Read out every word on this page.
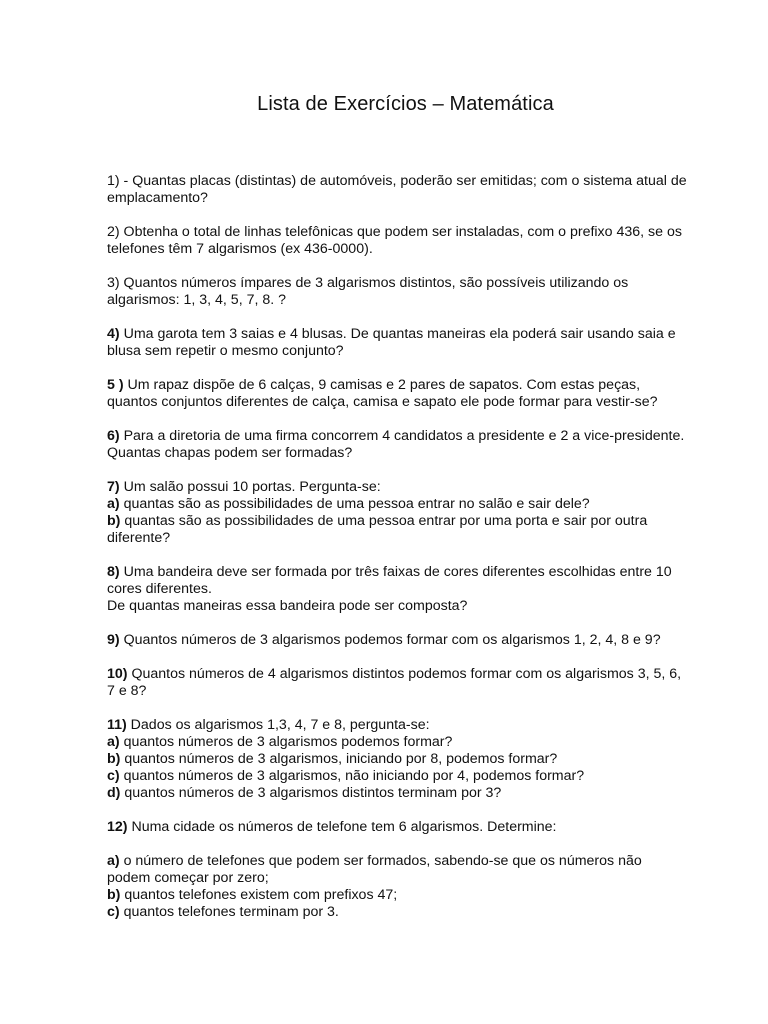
Lista de Exercícios – Matemática

1) - Quantas placas (distintas) de automóveis, poderão ser emitidas; com o sistema atual de emplacamento?

2) Obtenha o total de linhas telefônicas que podem ser instaladas, com o prefixo 436, se os telefones têm 7 algarismos (ex 436-0000).

3) Quantos números ímpares de 3 algarismos distintos, são possíveis utilizando os algarismos: 1, 3, 4, 5, 7, 8. ?

4) Uma garota tem 3 saias e 4 blusas. De quantas maneiras ela poderá sair usando saia e blusa sem repetir o mesmo conjunto?

5 ) Um rapaz dispõe de 6 calças, 9 camisas e 2 pares de sapatos. Com estas peças, quantos conjuntos diferentes de calça, camisa e sapato ele pode formar para vestir-se?

6) Para a diretoria de uma firma concorrem 4 candidatos a presidente e 2 a vice-presidente. Quantas chapas podem ser formadas?

7) Um salão possui 10 portas. Pergunta-se:

a) quantas são as possibilidades de uma pessoa entrar no salão e sair dele?

b) quantas são as possibilidades de uma pessoa entrar por uma porta e sair por outra diferente?

8) Uma bandeira deve ser formada por três faixas de cores diferentes escolhidas entre 10 cores diferentes.

De quantas maneiras essa bandeira pode ser composta?

9) Quantos números de 3 algarismos podemos formar com os algarismos 1, 2, 4, 8 e 9?

10) Quantos números de 4 algarismos distintos podemos formar com os algarismos 3, 5, 6, 7 e 8?

11) Dados os algarismos 1,3, 4, 7 e 8, pergunta-se:

a) quantos números de 3 algarismos podemos formar?

b) quantos números de 3 algarismos, iniciando por 8, podemos formar?

c) quantos números de 3 algarismos, não iniciando por 4, podemos formar?

d) quantos números de 3 algarismos distintos terminam por 3?

12) Numa cidade os números de telefone tem 6 algarismos. Determine:

a) o número de telefones que podem ser formados, sabendo-se que os números não podem começar por zero;

b) quantos telefones existem com prefixos 47;

c) quantos telefones terminam por 3.
